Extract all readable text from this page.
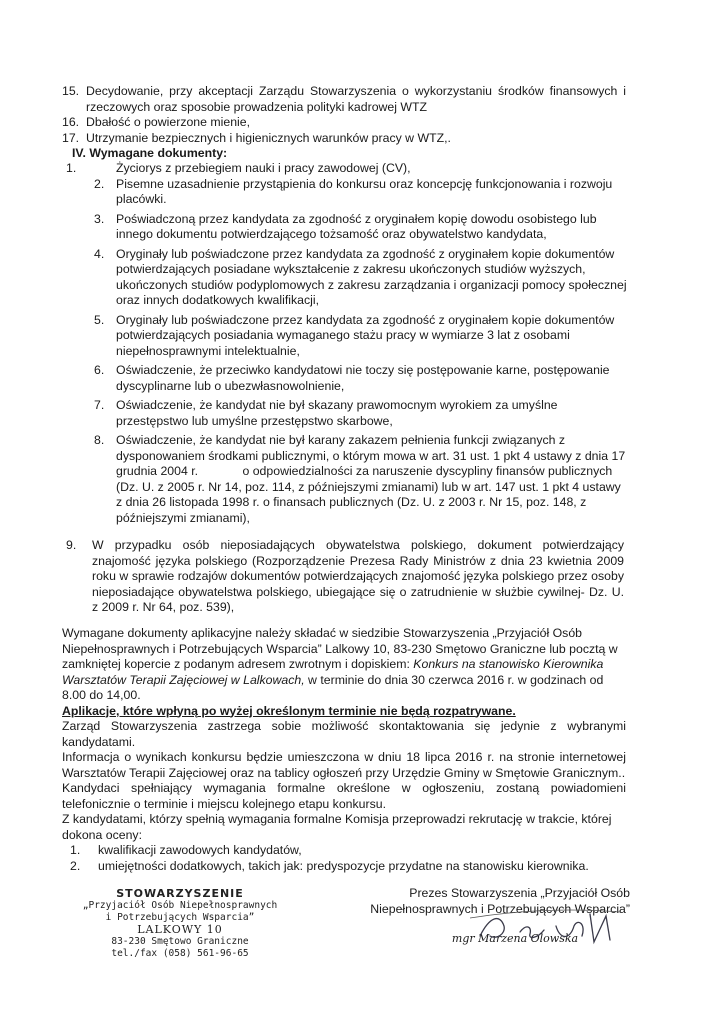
15. Decydowanie, przy akceptacji Zarządu Stowarzyszenia o wykorzystaniu środków finansowych i rzeczowych oraz sposobie prowadzenia polityki kadrowej WTZ
16. Dbałość o powierzone mienie,
17. Utrzymanie bezpiecznych i higienicznych warunków pracy w WTZ,.
IV. Wymagane dokumenty:
1.	Życiorys z przebiegiem nauki i pracy zawodowej (CV),
2. Pisemne uzasadnienie przystąpienia do konkursu oraz koncepcję funkcjonowania i rozwoju placówki.
3. Poświadczoną przez kandydata za zgodność z oryginałem kopię dowodu osobistego lub innego dokumentu potwierdzającego tożsamość oraz obywatelstwo kandydata,
4. Oryginały lub poświadczone przez kandydata za zgodność z oryginałem kopie dokumentów potwierdzających posiadane wykształcenie z zakresu ukończonych studiów wyższych, ukończonych studiów podyplomowych z zakresu zarządzania i organizacji pomocy społecznej oraz innych dodatkowych kwalifikacji,
5. Oryginały lub poświadczone przez kandydata za zgodność z oryginałem kopie dokumentów potwierdzających posiadania wymaganego stażu pracy w wymiarze 3 lat z osobami niepełnosprawnymi intelektualnie,
6. Oświadczenie, że przeciwko kandydatowi nie toczy się postępowanie karne, postępowanie dyscyplinarne lub o ubezwłasnowolnienie,
7. Oświadczenie, że kandydat nie był skazany prawomocnym wyrokiem za umyślne przestępstwo lub umyślne przestępstwo skarbowe,
8. Oświadczenie, że kandydat nie był karany zakazem pełnienia funkcji związanych z dysponowaniem środkami publicznymi, o którym mowa w art. 31 ust. 1 pkt 4 ustawy z dnia 17 grudnia 2004 r.             o odpowiedzialności za naruszenie dyscypliny finansów publicznych (Dz. U. z 2005 r. Nr 14, poz. 114, z późniejszymi zmianami) lub w art. 147 ust. 1 pkt 4 ustawy z dnia 26 listopada 1998 r. o finansach publicznych (Dz. U. z 2003 r. Nr 15, poz. 148, z późniejszymi zmianami),
9. W przypadku osób nieposiadających obywatelstwa polskiego, dokument potwierdzający znajomość języka polskiego (Rozporządzenie Prezesa Rady Ministrów z dnia 23 kwietnia 2009 roku w sprawie rodzajów dokumentów potwierdzających znajomość języka polskiego przez osoby nieposiadające obywatelstwa polskiego, ubiegające się o zatrudnienie w służbie cywilnej- Dz. U. z 2009 r. Nr 64, poz. 539),

Wymagane dokumenty aplikacyjne należy składać w siedzibie Stowarzyszenia „Przyjaciół Osób Niepełnosprawnych i Potrzebujących Wsparcia” Lalkowy 10, 83-230 Smętowo Graniczne lub pocztą w zamkniętej kopercie z podanym adresem zwrotnym i dopiskiem: Konkurs na stanowisko Kierownika Warsztatów Terapii Zajęciowej w Lalkowach, w terminie do dnia 30 czerwca 2016 r. w godzinach od 8.00 do 14,00.

Aplikacje, które wpłyną po wyżej określonym terminie nie będą rozpatrywane.

Zarząd Stowarzyszenia zastrzega sobie możliwość skontaktowania się jedynie z wybranymi kandydatami.

Informacja o wynikach konkursu będzie umieszczona w dniu 18 lipca 2016 r. na stronie internetowej Warsztatów Terapii Zajęciowej oraz na tablicy ogłoszeń przy Urzędzie Gminy w Smętowie Granicznym..

Kandydaci spełniający wymagania formalne określone w ogłoszeniu, zostaną powiadomieni telefonicznie o terminie i miejscu kolejnego etapu konkursu.

Z kandydatami, którzy spełnią wymagania formalne Komisja przeprowadzi rekrutację w trakcie, której dokona oceny:

1. kwalifikacji zawodowych kandydatów,
2. umiejętności dodatkowych, takich jak: predyspozycje przydatne na stanowisku kierownika.
STOWARZYSZENIE
„Przyjaciół Osób Niepełnosprawnych
i Potrzebujących Wsparcia”
LALKOWY 10
83-230 Smętowo Graniczne
tel./fax (058) 561-96-65
Prezes Stowarzyszenia „Przyjaciół Osób
Niepełnosprawnych i Potrzebujących Wsparcia”
mgr Marzena Olowska
